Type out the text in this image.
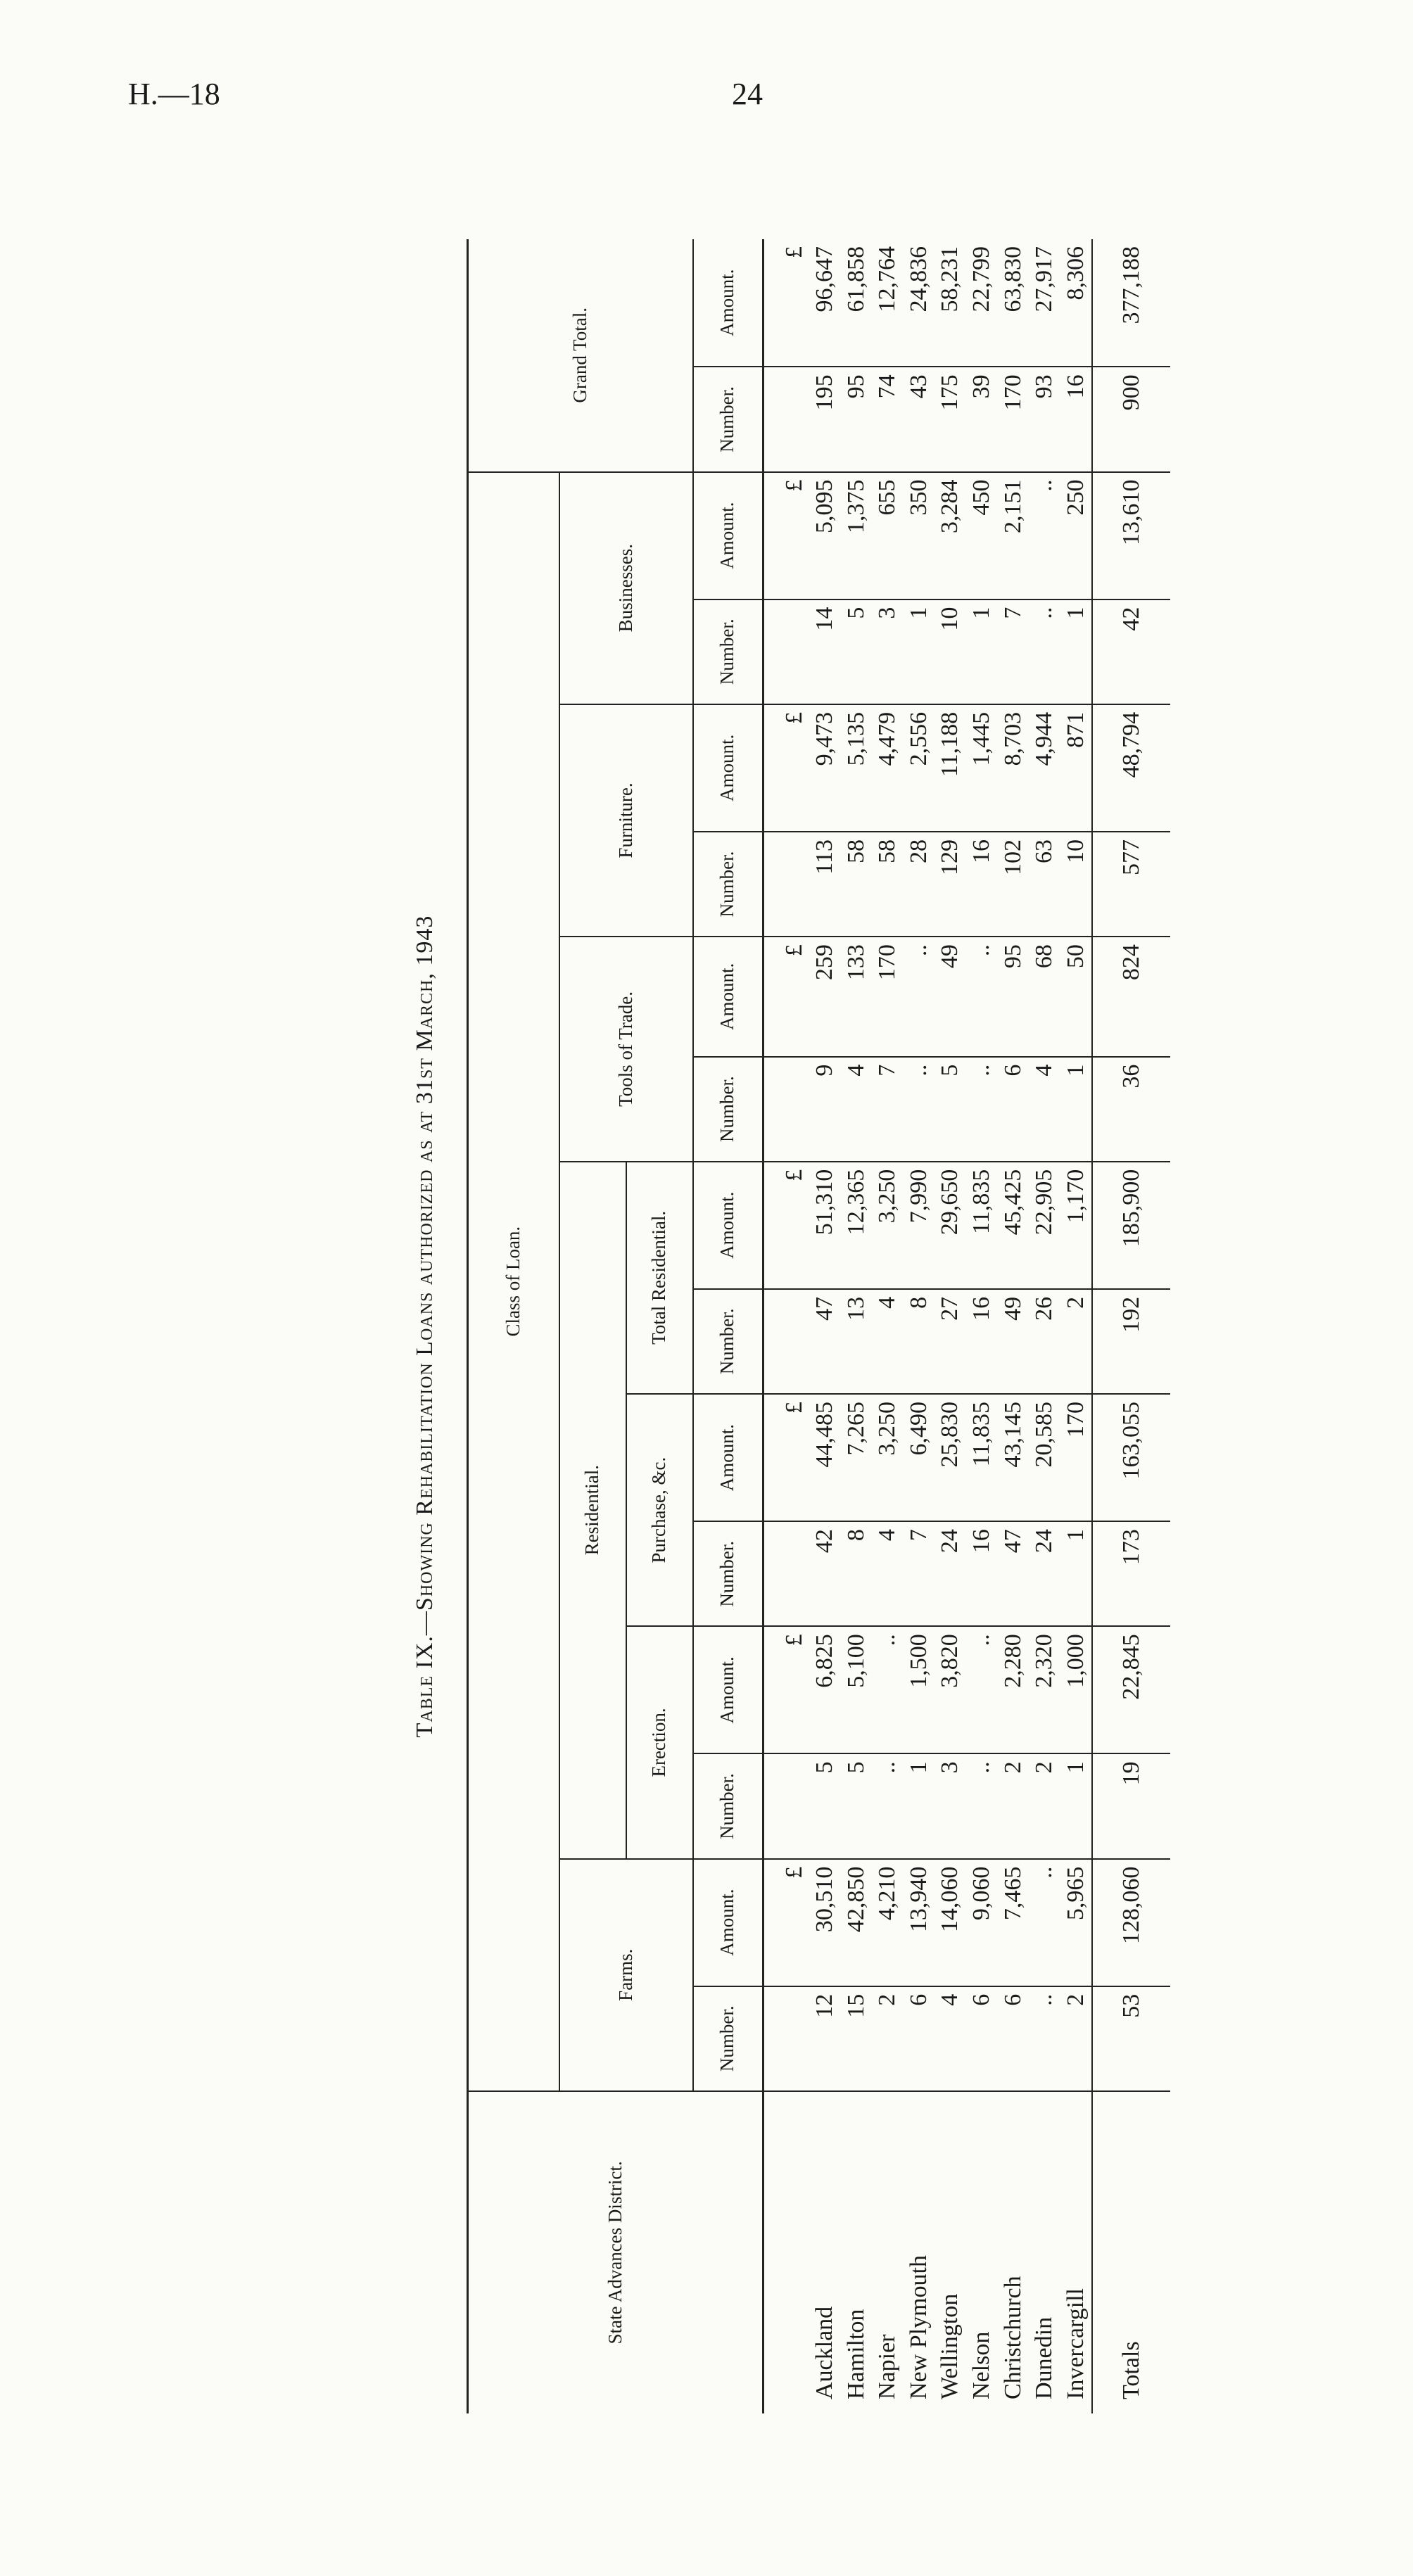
H.—18	24
Table IX.—Showing Rehabilitation Loans authorized as at 31st March, 1943
State Advances District.	Class of Loan.														Grand Total.	
	Farms.		Residential.						Tools of Trade.		Furniture.		Businesses.			
			Erection.		Purchase, &c.		Total Residential.									
	Number.	Amount.	Number.	Amount.	Number.	Amount.	Number.	Amount.	Number.	Amount.	Number.	Amount.	Number.	Amount.	Number.	Amount.
		£		£		£		£		£		£		£		£
Auckland	12	30,510	5	6,825	42	44,485	47	51,310	9	259	113	9,473	14	5,095	195	96,647
Hamilton	15	42,850	5	5,100	8	7,265	13	12,365	4	133	58	5,135	5	1,375	95	61,858
Napier	2	4,210	..	..	4	3,250	4	3,250	7	170	58	4,479	3	655	74	12,764
New Plymouth	6	13,940	1	1,500	7	6,490	8	7,990	..	..	28	2,556	1	350	43	24,836
Wellington	4	14,060	3	3,820	24	25,830	27	29,650	5	49	129	11,188	10	3,284	175	58,231
Nelson	6	9,060	..	..	16	11,835	16	11,835	..	..	16	1,445	1	450	39	22,799
Christchurch	6	7,465	2	2,280	47	43,145	49	45,425	6	95	102	8,703	7	2,151	170	63,830
Dunedin	..	..	2	2,320	24	20,585	26	22,905	4	68	63	4,944	..	..	93	27,917
Invercargill	2	5,965	1	1,000	1	170	2	1,170	1	50	10	871	1	250	16	8,306
Totals	53	128,060	19	22,845	173	163,055	192	185,900	36	824	577	48,794	42	13,610	900	377,188
